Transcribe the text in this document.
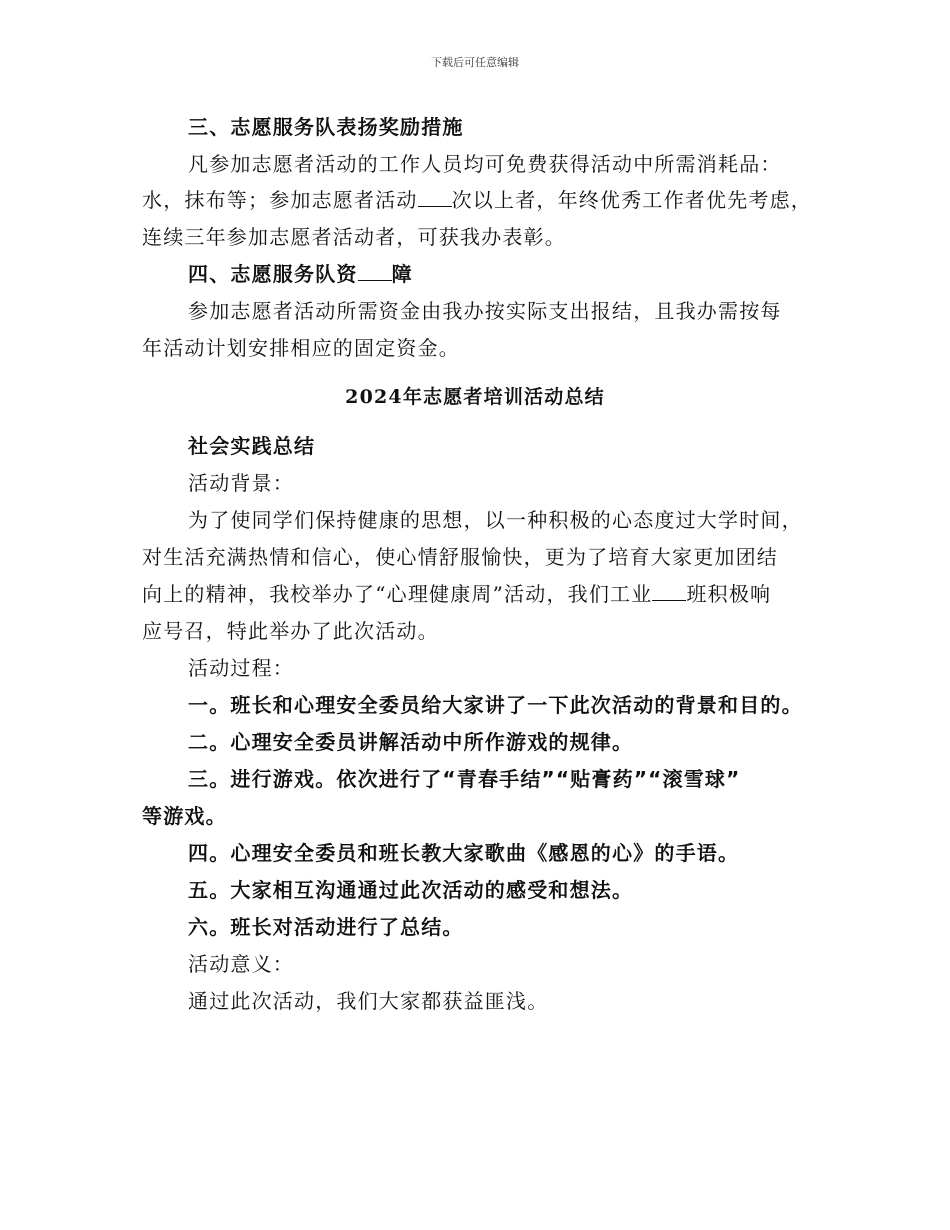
下载后可任意编辑
三、志愿服务队表扬奖励措施
凡参加志愿者活动的工作人员均可免费获得活动中所需消耗品：
水，抹布等；参加志愿者活动 次以上者，年终优秀工作者优先考虑，
连续三年参加志愿者活动者，可获我办表彰。
四、志愿服务队资 障
参加志愿者活动所需资金由我办按实际支出报结，且我办需按每
年活动计划安排相应的固定资金。
2024年志愿者培训活动总结
社会实践总结
活动背景：
为了使同学们保持健康的思想，以一种积极的心态度过大学时间，
对生活充满热情和信心，使心情舒服愉快，更为了培育大家更加团结
向上的精神，我校举办了“心理健康周”活动，我们工业 班积极响
应号召，特此举办了此次活动。
活动过程：
一。班长和心理安全委员给大家讲了一下此次活动的背景和目的。
二。心理安全委员讲解活动中所作游戏的规律。
三。进行游戏。依次进行了“青春手结”“贴膏药”“滚雪球”
等游戏。
四。心理安全委员和班长教大家歌曲《感恩的心》的手语。
五。大家相互沟通通过此次活动的感受和想法。
六。班长对活动进行了总结。
活动意义：
通过此次活动，我们大家都获益匪浅。
